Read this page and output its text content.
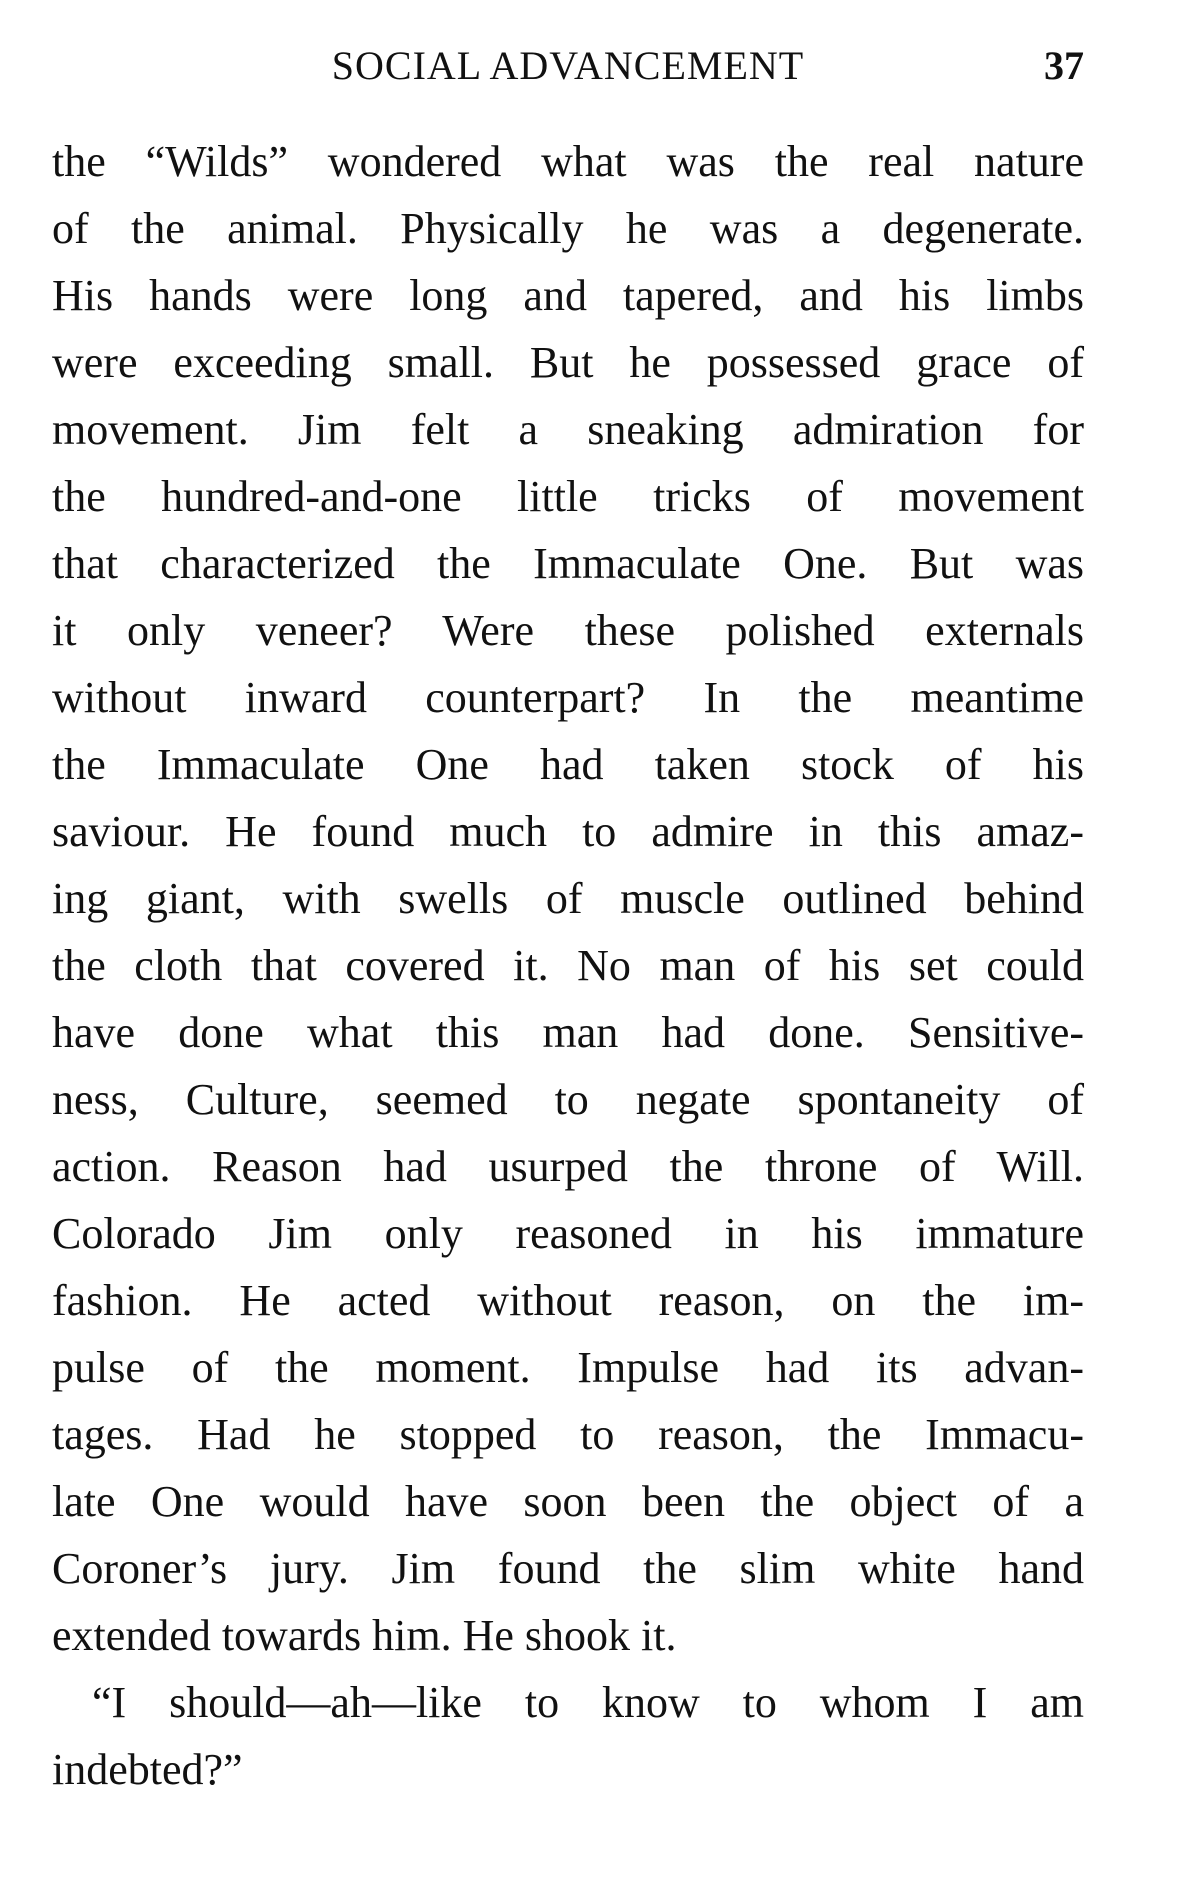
SOCIAL ADVANCEMENT	37
the “Wilds” wondered what was the real nature
of the animal. Physically he was a degenerate.
His hands were long and tapered, and his limbs
were exceeding small. But he possessed grace of
movement. Jim felt a sneaking admiration for
the hundred-and-one little tricks of movement
that characterized the Immaculate One. But was
it only veneer? Were these polished externals
without inward counterpart? In the meantime
the Immaculate One had taken stock of his
saviour. He found much to admire in this amaz-
ing giant, with swells of muscle outlined behind
the cloth that covered it. No man of his set could
have done what this man had done. Sensitive-
ness, Culture, seemed to negate spontaneity of
action. Reason had usurped the throne of Will.
Colorado Jim only reasoned in his immature
fashion. He acted without reason, on the im-
pulse of the moment. Impulse had its advan-
tages. Had he stopped to reason, the Immacu-
late One would have soon been the object of a
Coroner’s jury. Jim found the slim white hand
extended towards him. He shook it.
“I should—ah—like to know to whom I am
indebted?”
